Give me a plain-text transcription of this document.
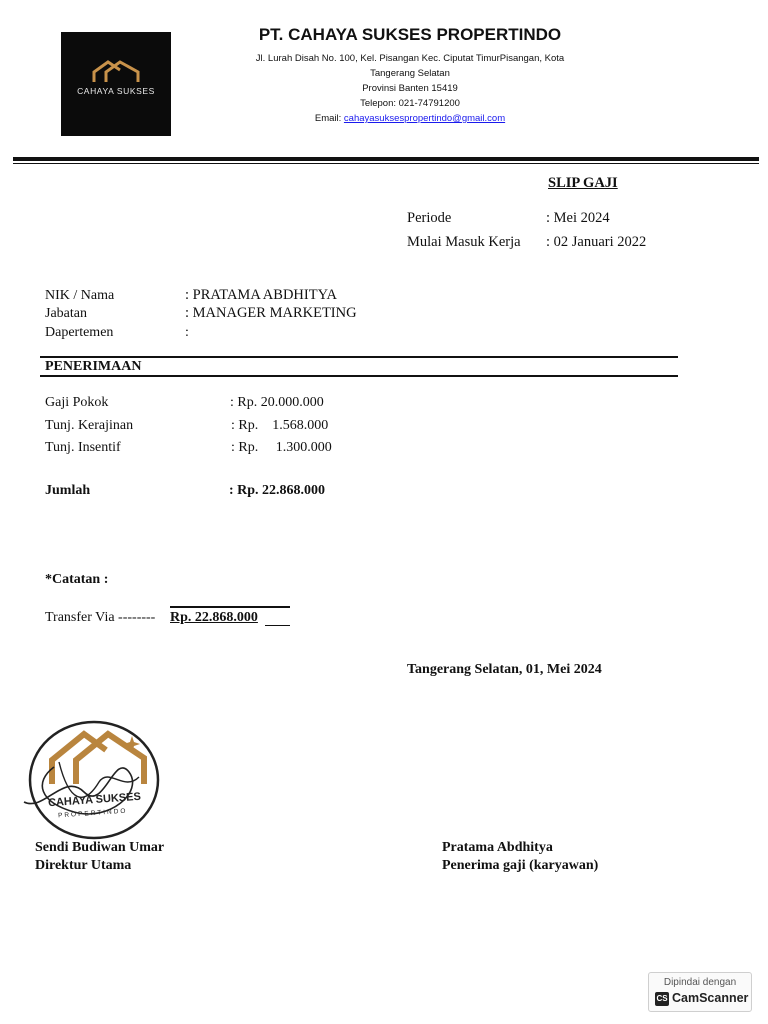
CAHAYA SUKSES
PT. CAHAYA SUKSES PROPERTINDO
Jl. Lurah Disah No. 100, Kel. Pisangan Kec. Ciputat TimurPisangan, Kota
Tangerang Selatan
Provinsi Banten 15419
Telepon: 021-74791200
Email: cahayasuksespropertindo@gmail.com
SLIP GAJI
Periode	: Mei 2024
Mulai Masuk Kerja : 02 Januari 2022
NIK / Nama	: PRATAMA ABDHITYA
Jabatan	: MANAGER MARKETING
Dapertemen	:
PENERIMAAN
Gaji Pokok	: Rp. 20.000.000
Tunj. Kerajinan	: Rp.    1.568.000
Tunj. Insentif	: Rp.     1.300.000
Jumlah	: Rp. 22.868.000
*Catatan :
Transfer Via -------- Rp. 22.868.000
Tangerang Selatan, 01, Mei 2024
CAHAYA SUKSES
PROPERTINDO
Sendi Budiwan Umar
Direktur Utama
Pratama Abdhitya
Penerima gaji (karyawan)
Dipindai dengan
CS CamScanner
